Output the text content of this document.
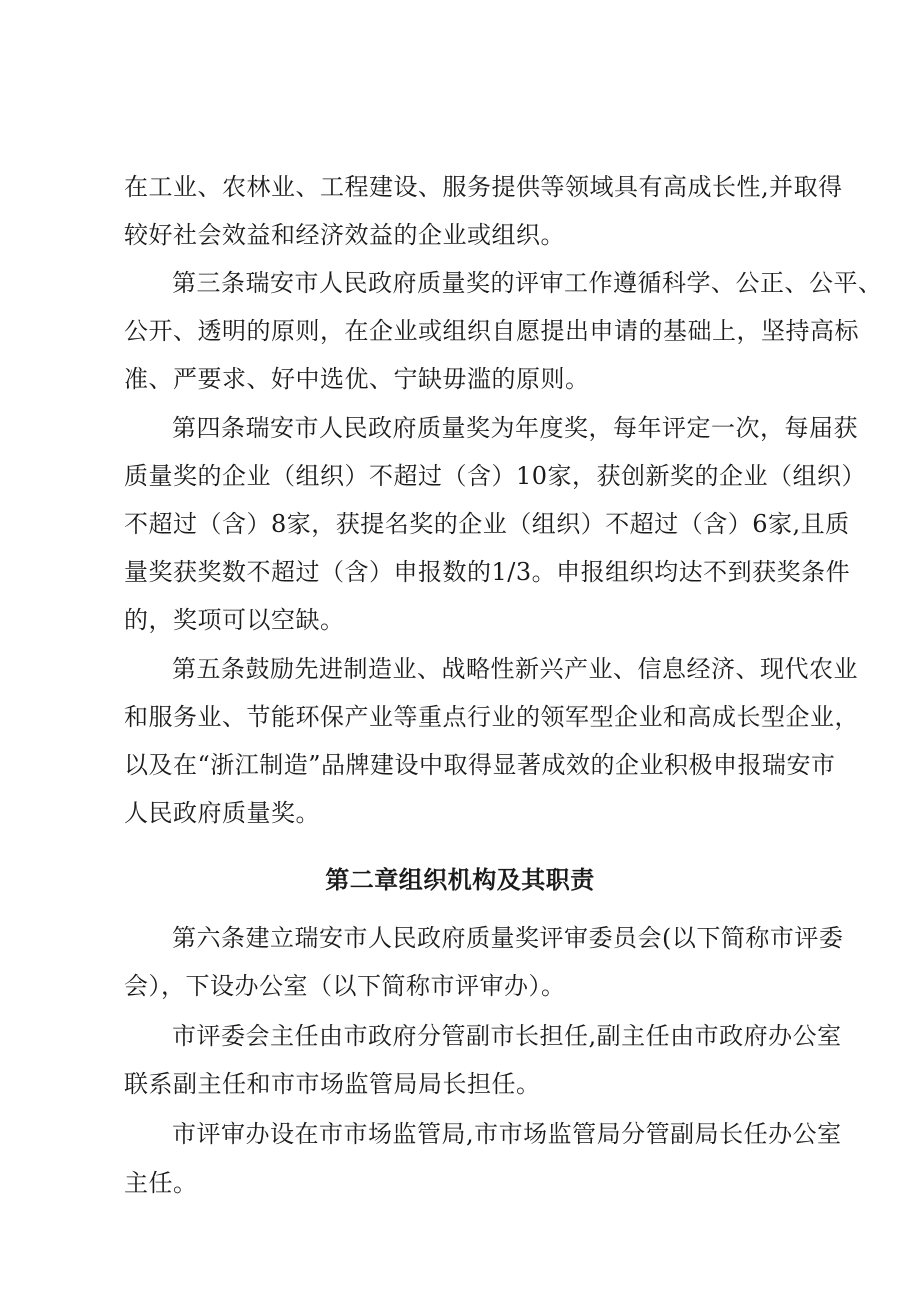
在工业、农林业、工程建设、服务提供等领域具有高成长性,并取得
较好社会效益和经济效益的企业或组织。
第三条瑞安市人民政府质量奖的评审工作遵循科学、公正、公平、
公开、透明的原则，在企业或组织自愿提出申请的基础上，坚持高标
准、严要求、好中选优、宁缺毋滥的原则。
第四条瑞安市人民政府质量奖为年度奖，每年评定一次，每届获
质量奖的企业（组织）不超过（含）10家，获创新奖的企业（组织）
不超过（含）8家，获提名奖的企业（组织）不超过（含）6家,且质
量奖获奖数不超过（含）申报数的1/3。申报组织均达不到获奖条件
的，奖项可以空缺。
第五条鼓励先进制造业、战略性新兴产业、信息经济、现代农业
和服务业、节能环保产业等重点行业的领军型企业和高成长型企业，
以及在“浙江制造”品牌建设中取得显著成效的企业积极申报瑞安市
人民政府质量奖。
第二章组织机构及其职责
第六条建立瑞安市人民政府质量奖评审委员会(以下简称市评委
会），下设办公室（以下简称市评审办）。
市评委会主任由市政府分管副市长担任,副主任由市政府办公室
联系副主任和市市场监管局局长担任。
市评审办设在市市场监管局,市市场监管局分管副局长任办公室
主任。
